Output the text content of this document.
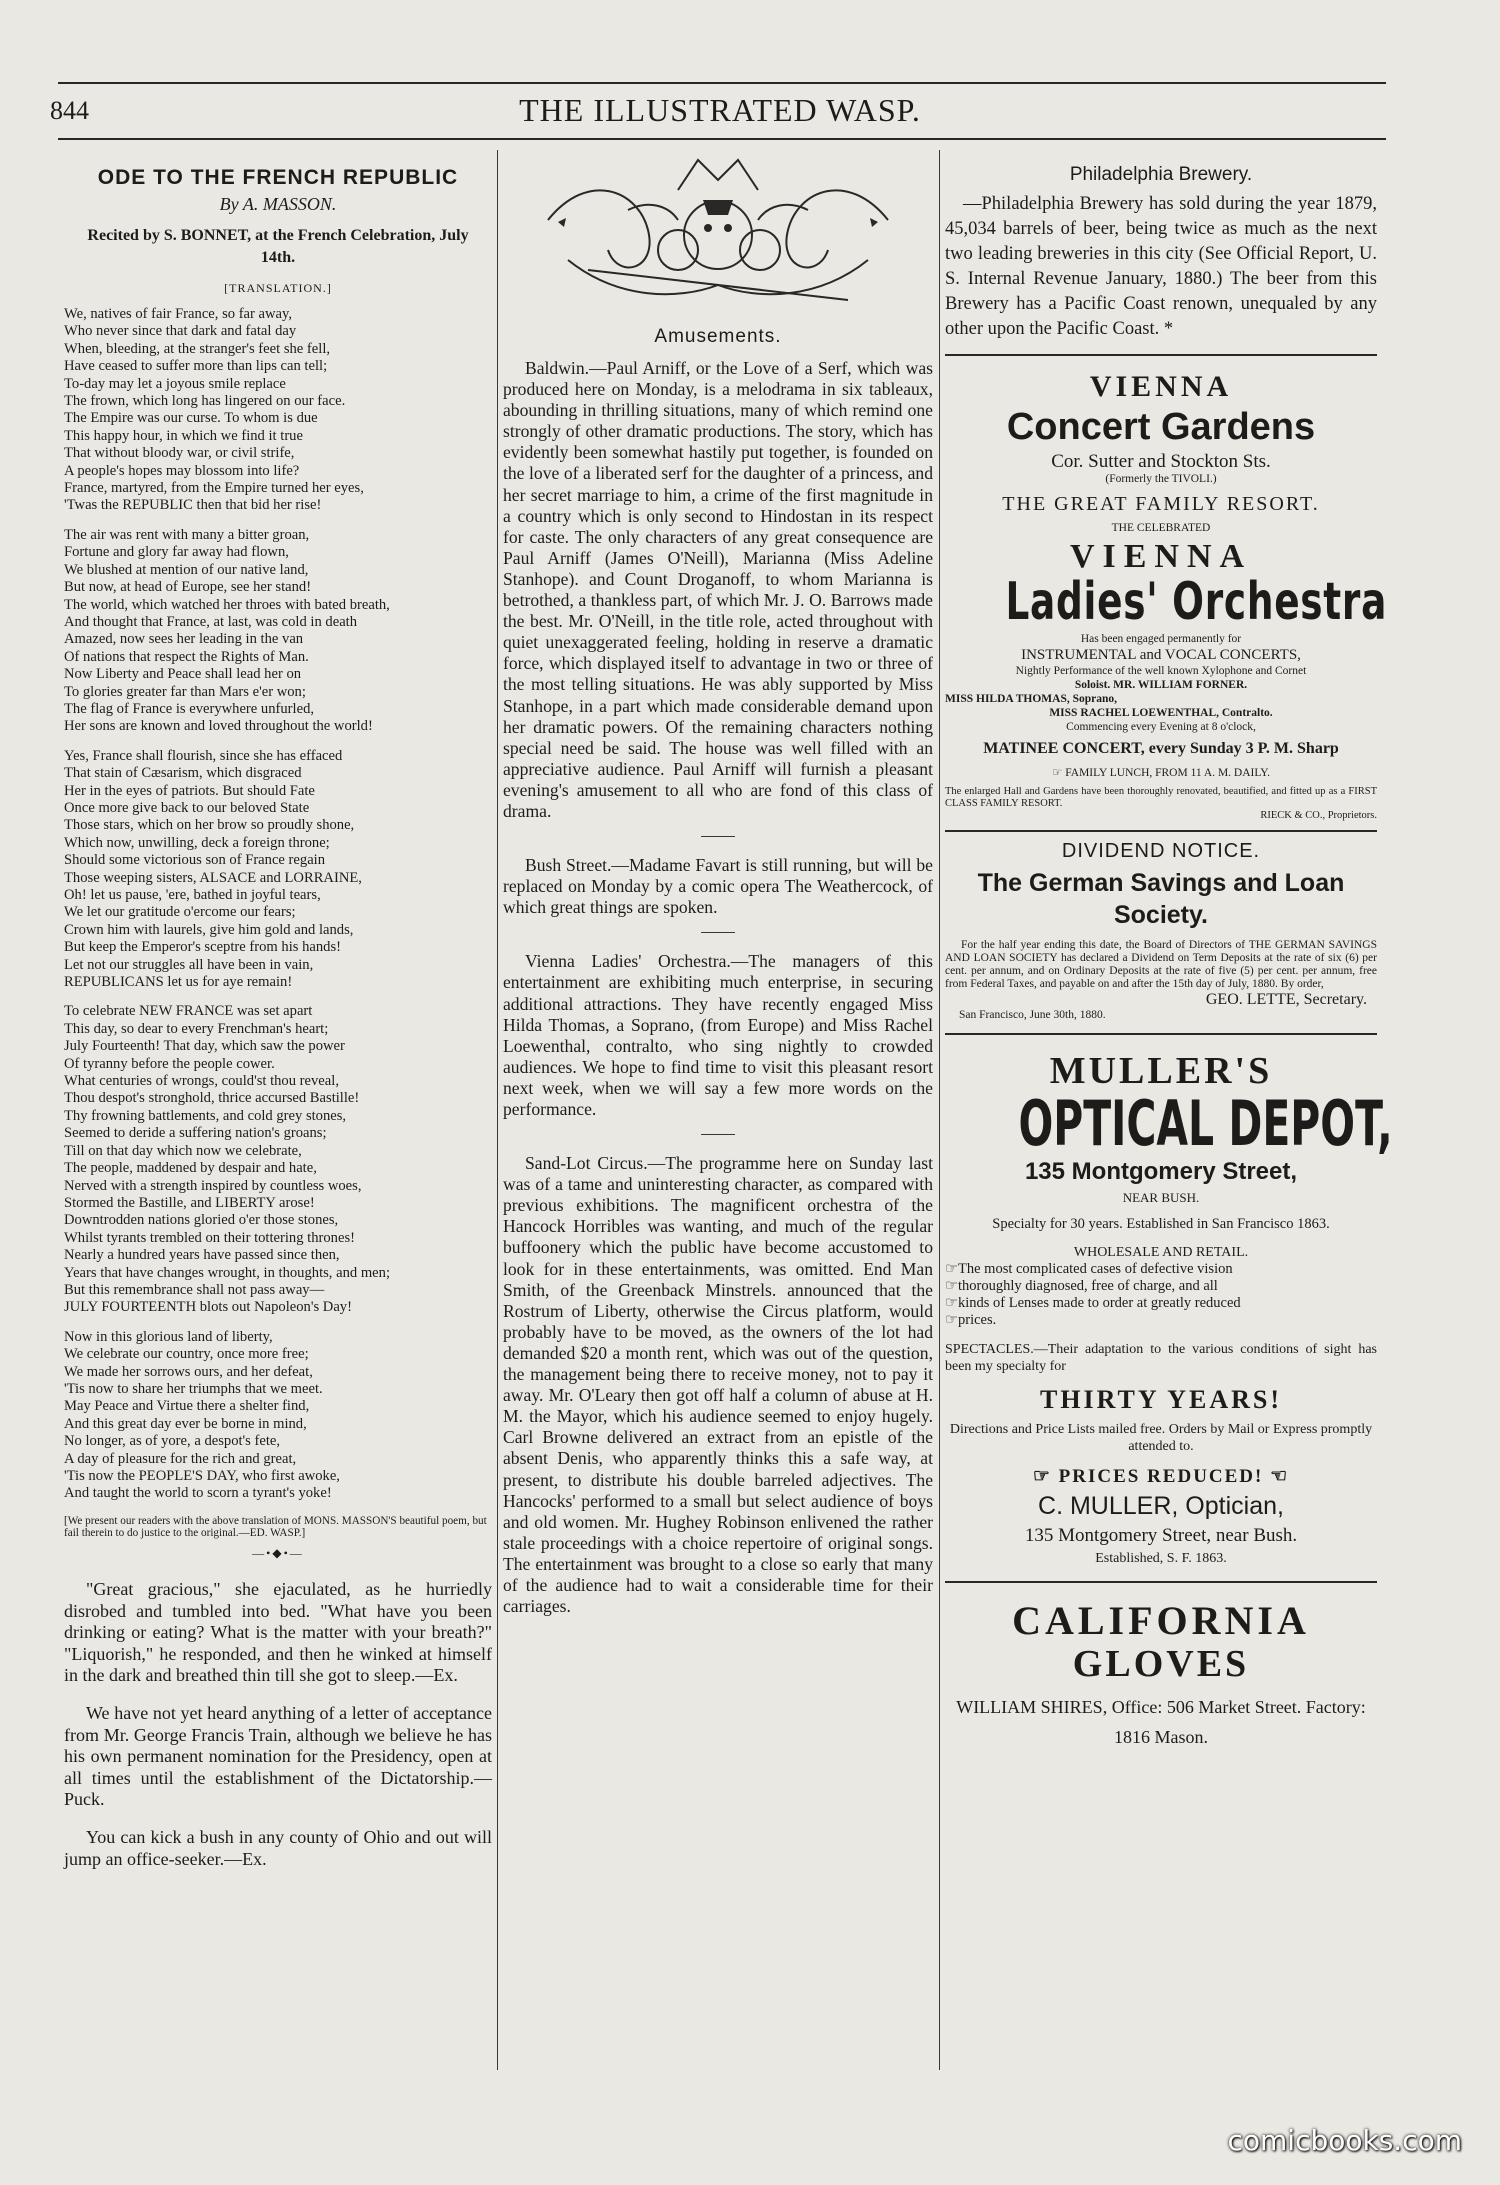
844	THE ILLUSTRATED WASP.
ODE TO THE FRENCH REPUBLIC
By A. MASSON.
Recited by S. BONNET, at the French Celebration, July 14th.
[TRANSLATION.]
We, natives of fair France, so far away,
Who never since that dark and fatal day
When, bleeding, at the stranger's feet she fell,
Have ceased to suffer more than lips can tell;
To-day may let a joyous smile replace
The frown, which long has lingered on our face.
The Empire was our curse. To whom is due
This happy hour, in which we find it true
That without bloody war, or civil strife,
A people's hopes may blossom into life?
France, martyred, from the Empire turned her eyes,
'Twas the REPUBLIC then that bid her rise!
The air was rent with many a bitter groan,
Fortune and glory far away had flown,
We blushed at mention of our native land,
But now, at head of Europe, see her stand!
The world, which watched her throes with bated breath,
And thought that France, at last, was cold in death
Amazed, now sees her leading in the van
Of nations that respect the Rights of Man.
Now Liberty and Peace shall lead her on
To glories greater far than Mars e'er won;
The flag of France is everywhere unfurled,
Her sons are known and loved throughout the world!
Yes, France shall flourish, since she has effaced
That stain of Cæsarism, which disgraced
Her in the eyes of patriots. But should Fate
Once more give back to our beloved State
Those stars, which on her brow so proudly shone,
Which now, unwilling, deck a foreign throne;
Should some victorious son of France regain
Those weeping sisters, ALSACE and LORRAINE,
Oh! let us pause, 'ere, bathed in joyful tears,
We let our gratitude o'ercome our fears;
Crown him with laurels, give him gold and lands,
But keep the Emperor's sceptre from his hands!
Let not our struggles all have been in vain,
REPUBLICANS let us for aye remain!
To celebrate NEW FRANCE was set apart
This day, so dear to every Frenchman's heart;
July Fourteenth! That day, which saw the power
Of tyranny before the people cower.
What centuries of wrongs, could'st thou reveal,
Thou despot's stronghold, thrice accursed Bastille!
Thy frowning battlements, and cold grey stones,
Seemed to deride a suffering nation's groans;
Till on that day which now we celebrate,
The people, maddened by despair and hate,
Nerved with a strength inspired by countless woes,
Stormed the Bastille, and LIBERTY arose!
Downtrodden nations gloried o'er those stones,
Whilst tyrants trembled on their tottering thrones!
Nearly a hundred years have passed since then,
Years that have changes wrought, in thoughts, and men;
But this remembrance shall not pass away—
JULY FOURTEENTH blots out Napoleon's Day!
Now in this glorious land of liberty,
We celebrate our country, once more free;
We made her sorrows ours, and her defeat,
'Tis now to share her triumphs that we meet.
May Peace and Virtue there a shelter find,
And this great day ever be borne in mind,
No longer, as of yore, a despot's fete,
A day of pleasure for the rich and great,
'Tis now the PEOPLE'S DAY, who first awoke,
And taught the world to scorn a tyrant's yoke!
[We present our readers with the above translation of MONS. MASSON'S beautiful poem, but fail therein to do justice to the original.—ED. WASP.]
—•◆•—

"Great gracious," she ejaculated, as he hurriedly disrobed and tumbled into bed. "What have you been drinking or eating? What is the matter with your breath?" "Liquorish," he responded, and then he winked at himself in the dark and breathed thin till she got to sleep.—Ex.

We have not yet heard anything of a letter of acceptance from Mr. George Francis Train, although we believe he has his own permanent nomination for the Presidency, open at all times until the establishment of the Dictatorship.—Puck.

You can kick a bush in any county of Ohio and out will jump an office-seeker.—Ex.

Amusements.

Baldwin.—Paul Arniff, or the Love of a Serf, which was produced here on Monday, is a melodrama in six tableaux, abounding in thrilling situations, many of which remind one strongly of other dramatic productions. The story, which has evidently been somewhat hastily put together, is founded on the love of a liberated serf for the daughter of a princess, and her secret marriage to him, a crime of the first magnitude in a country which is only second to Hindostan in its respect for caste. The only characters of any great consequence are Paul Arniff (James O'Neill), Marianna (Miss Adeline Stanhope). and Count Droganoff, to whom Marianna is betrothed, a thankless part, of which Mr. J. O. Barrows made the best. Mr. O'Neill, in the title role, acted throughout with quiet unexaggerated feeling, holding in reserve a dramatic force, which displayed itself to advantage in two or three of the most telling situations. He was ably supported by Miss Stanhope, in a part which made considerable demand upon her dramatic powers. Of the remaining characters nothing special need be said. The house was well filled with an appreciative audience. Paul Arniff will furnish a pleasant evening's amusement to all who are fond of this class of drama.

Bush Street.—Madame Favart is still running, but will be replaced on Monday by a comic opera The Weathercock, of which great things are spoken.

Vienna Ladies' Orchestra.—The managers of this entertainment are exhibiting much enterprise, in securing additional attractions. They have recently engaged Miss Hilda Thomas, a Soprano, (from Europe) and Miss Rachel Loewenthal, contralto, who sing nightly to crowded audiences. We hope to find time to visit this pleasant resort next week, when we will say a few more words on the performance.

Sand-Lot Circus.—The programme here on Sunday last was of a tame and uninteresting character, as compared with previous exhibitions. The magnificent orchestra of the Hancock Horribles was wanting, and much of the regular buffoonery which the public have become accustomed to look for in these entertainments, was omitted. End Man Smith, of the Greenback Minstrels. announced that the Rostrum of Liberty, otherwise the Circus platform, would probably have to be moved, as the owners of the lot had demanded $20 a month rent, which was out of the question, the management being there to receive money, not to pay it away. Mr. O'Leary then got off half a column of abuse at H. M. the Mayor, which his audience seemed to enjoy hugely. Carl Browne delivered an extract from an epistle of the absent Denis, who apparently thinks this a safe way, at present, to distribute his double barreled adjectives. The Hancocks' performed to a small but select audience of boys and old women. Mr. Hughey Robinson enlivened the rather stale proceedings with a choice repertoire of original songs. The entertainment was brought to a close so early that many of the audience had to wait a considerable time for their carriages.

Philadelphia Brewery.
—Philadelphia Brewery has sold during the year 1879, 45,034 barrels of beer, being twice as much as the next two leading breweries in this city (See Official Report, U. S. Internal Revenue January, 1880.) The beer from this Brewery has a Pacific Coast renown, unequaled by any other upon the Pacific Coast. *
VIENNA
Concert Gardens
Cor. Sutter and Stockton Sts.
(Formerly the TIVOLI.)
THE GREAT FAMILY RESORT.
THE CELEBRATED
VIENNA
Ladies' Orchestra
Has been engaged permanently for
INSTRUMENTAL and VOCAL CONCERTS,
Nightly Performance of the well known Xylophone and Cornet
Soloist. MR. WILLIAM FORNER.
MISS HILDA THOMAS, Soprano,
MISS RACHEL LOEWENTHAL, Contralto.
Commencing every Evening at 8 o'clock,
MATINEE CONCERT, every Sunday 3 P. M. Sharp
☞ FAMILY LUNCH, FROM 11 A. M. DAILY.
The enlarged Hall and Gardens have been thoroughly renovated, beautified, and fitted up as a FIRST CLASS FAMILY RESORT.
RIECK & CO., Proprietors.
DIVIDEND NOTICE.
The German Savings and Loan Society.
For the half year ending this date, the Board of Directors of THE GERMAN SAVINGS AND LOAN SOCIETY has declared a Dividend on Term Deposits at the rate of six (6) per cent. per annum, and on Ordinary Deposits at the rate of five (5) per cent. per annum, free from Federal Taxes, and payable on and after the 15th day of July, 1880. By order,
GEO. LETTE, Secretary.
San Francisco, June 30th, 1880.
MULLER'S
OPTICAL DEPOT,
135 Montgomery Street,
NEAR BUSH.
Specialty for 30 years. Established in San Francisco 1863.
WHOLESALE AND RETAIL.
☞The most complicated cases of defective vision
☞thoroughly diagnosed, free of charge, and all
☞kinds of Lenses made to order at greatly reduced
☞prices.
SPECTACLES.—Their adaptation to the various conditions of sight has been my specialty for
THIRTY YEARS!
Directions and Price Lists mailed free. Orders by Mail or Express promptly attended to.
☞ PRICES REDUCED! ☜
C. MULLER, Optician,
135 Montgomery Street, near Bush.
Established, S. F. 1863.
CALIFORNIA
GLOVES
WILLIAM SHIRES, Office: 506 Market Street. Factory: 1816 Mason.
comicbooks.com
